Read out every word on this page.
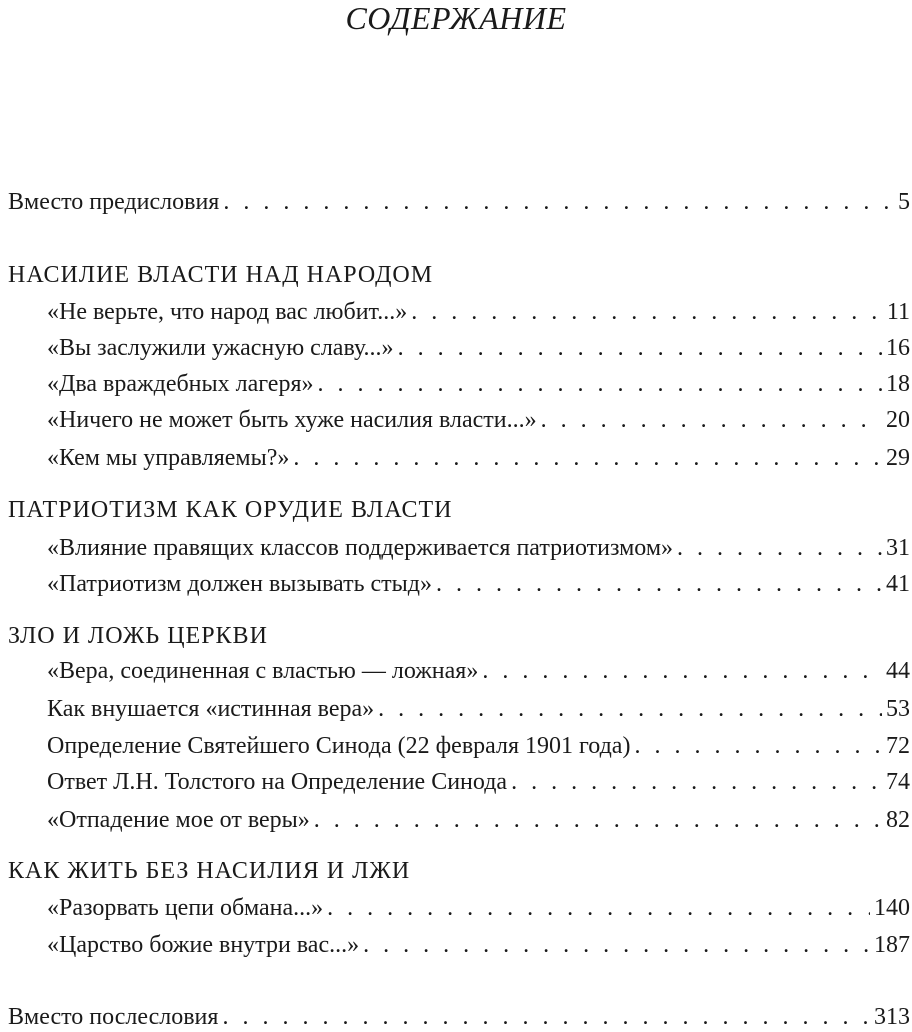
СОДЕРЖАНИЕ
Вместо предисловия . . .	5
НАСИЛИЕ ВЛАСТИ НАД НАРОДОМ
«Не верьте, что народ вас любит...» . . .	11
«Вы заслужили ужасную славу...» . . .	16
«Два враждебных лагеря» . . .	18
«Ничего не может быть хуже насилия власти...» . . .	20
«Кем мы управляемы?» . . .	29
ПАТРИОТИЗМ КАК ОРУДИЕ ВЛАСТИ
«Влияние правящих классов поддерживается патриотизмом» . . .	31
«Патриотизм должен вызывать стыд» . . .	41
ЗЛО И ЛОЖЬ ЦЕРКВИ
«Вера, соединенная с властью — ложная» . . .	44
Как внушается «истинная вера» . . .	53
Определение Святейшего Синода (22 февраля 1901 года) . . .	72
Ответ Л.Н. Толстого на Определение Синода . . .	74
«Отпадение мое от веры» . . .	82
КАК ЖИТЬ БЕЗ НАСИЛИЯ И ЛЖИ
«Разорвать цепи обмана...» . . .	140
«Царство божие внутри вас...» . . .	187
Вместо послесловия . . .	313
